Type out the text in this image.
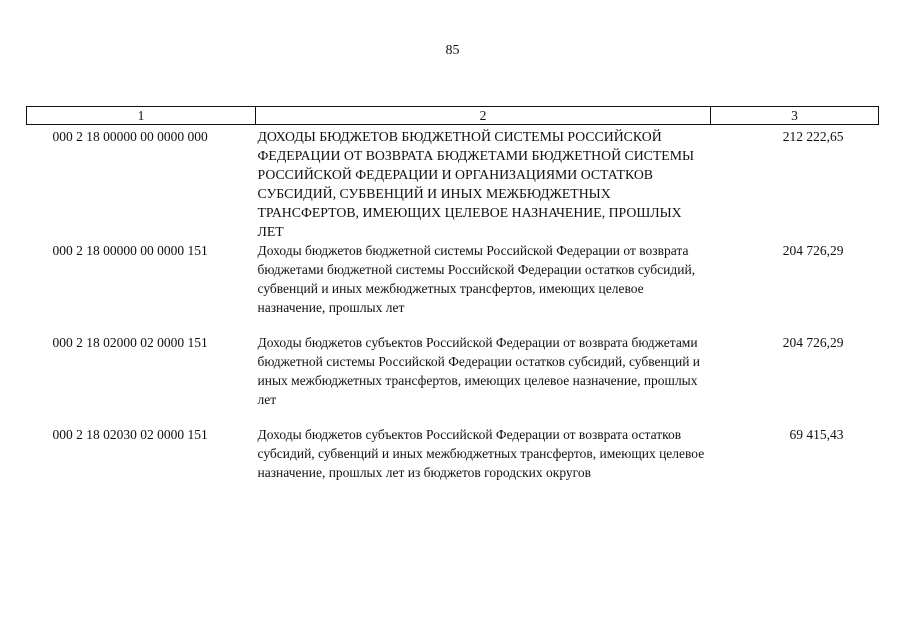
85
1	2	3
000 2 18 00000 00 0000 000	ДОХОДЫ БЮДЖЕТОВ БЮДЖЕТНОЙ СИСТЕМЫ РОССИЙСКОЙ ФЕДЕРАЦИИ ОТ ВОЗВРАТА БЮДЖЕТАМИ БЮДЖЕТНОЙ СИСТЕМЫ РОССИЙСКОЙ ФЕДЕРАЦИИ И ОРГАНИЗАЦИЯМИ ОСТАТКОВ СУБСИДИЙ, СУБВЕНЦИЙ И ИНЫХ МЕЖБЮДЖЕТНЫХ ТРАНСФЕРТОВ, ИМЕЮЩИХ ЦЕЛЕВОЕ НАЗНАЧЕНИЕ, ПРОШЛЫХ ЛЕТ	212 222,65
000 2 18 00000 00 0000 151	Доходы бюджетов бюджетной системы Российской Федерации от возврата бюджетами бюджетной системы Российской Федерации остатков субсидий, субвенций и иных межбюджетных трансфертов, имеющих целевое назначение, прошлых лет	204 726,29
000 2 18 02000 02 0000 151	Доходы бюджетов субъектов Российской Федерации от возврата бюджетами бюджетной системы Российской Федерации остатков субсидий, субвенций и иных межбюджетных трансфертов, имеющих целевое назначение, прошлых лет	204 726,29
000 2 18 02030 02 0000 151	Доходы бюджетов субъектов Российской Федерации от возврата остатков субсидий, субвенций и иных межбюджетных трансфертов, имеющих целевое назначение, прошлых лет из бюджетов городских округов	69 415,43
